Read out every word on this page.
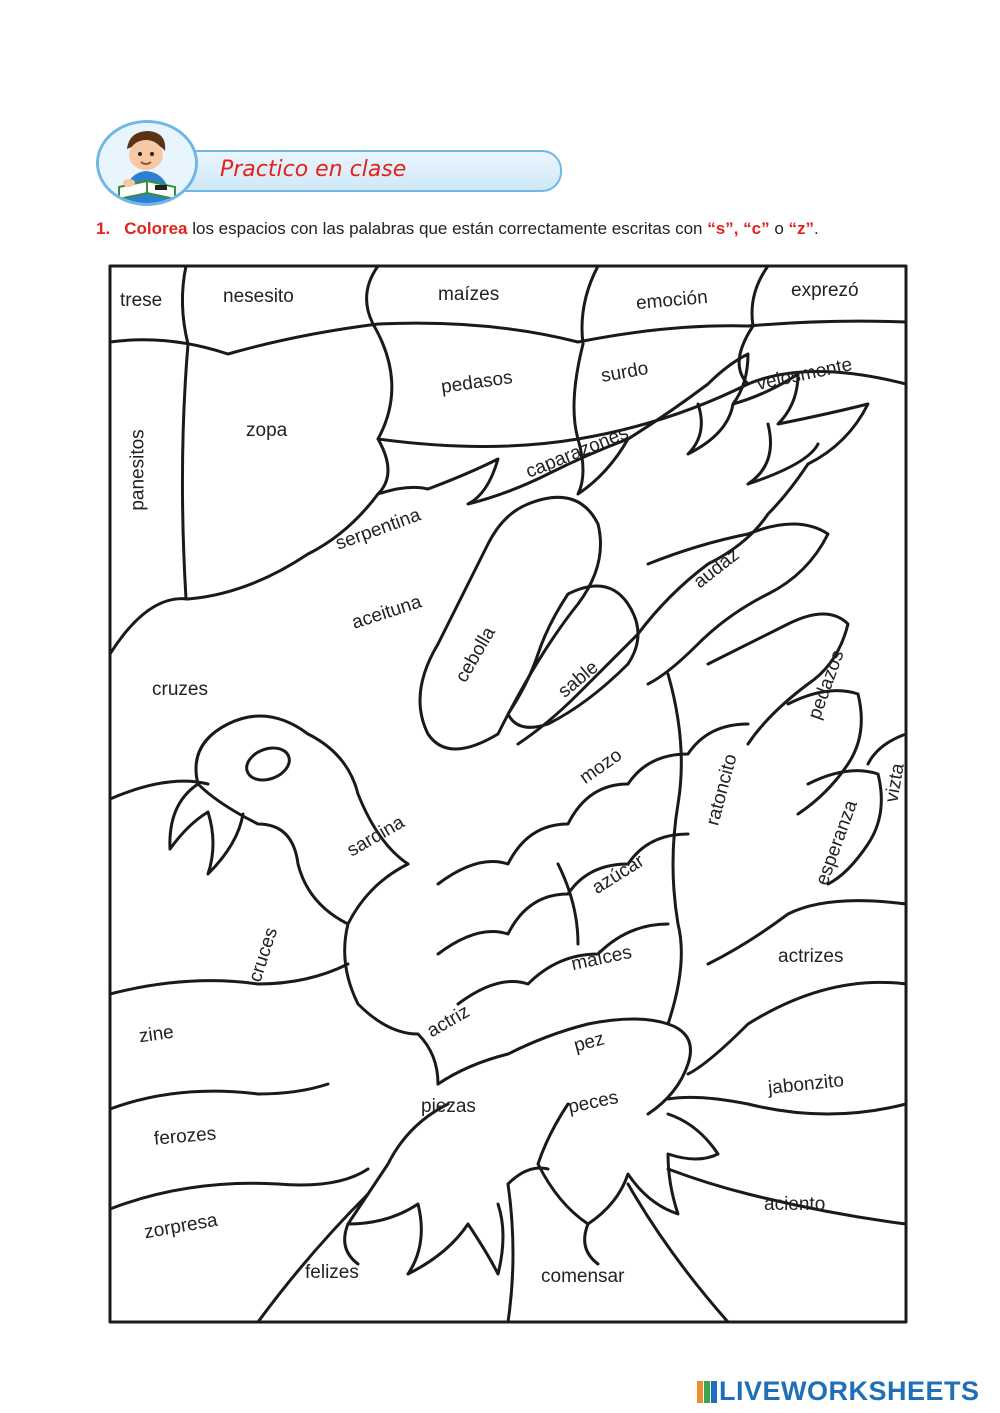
Practico en clase
1. Colorea los espacios con las palabras que están correctamente escritas con “s”, “c” o “z”.
trese	nesesito	maízes	emoción	exprezó
pedasos	surdo	velosmente
panesitos	zopa	caparazones
serpentina
aceituna
cebolla
audaz
sable
cruzes	pedazos
mozo	ratoncito	vizta
sardina	esperanza
azúcar
cruces	maíces	actrizes
zine	actriz
pez
jabonzito
piezas	peces
ferozes
aciento
zorpresa
felizes	comensar
LIVEWORKSHEETS
